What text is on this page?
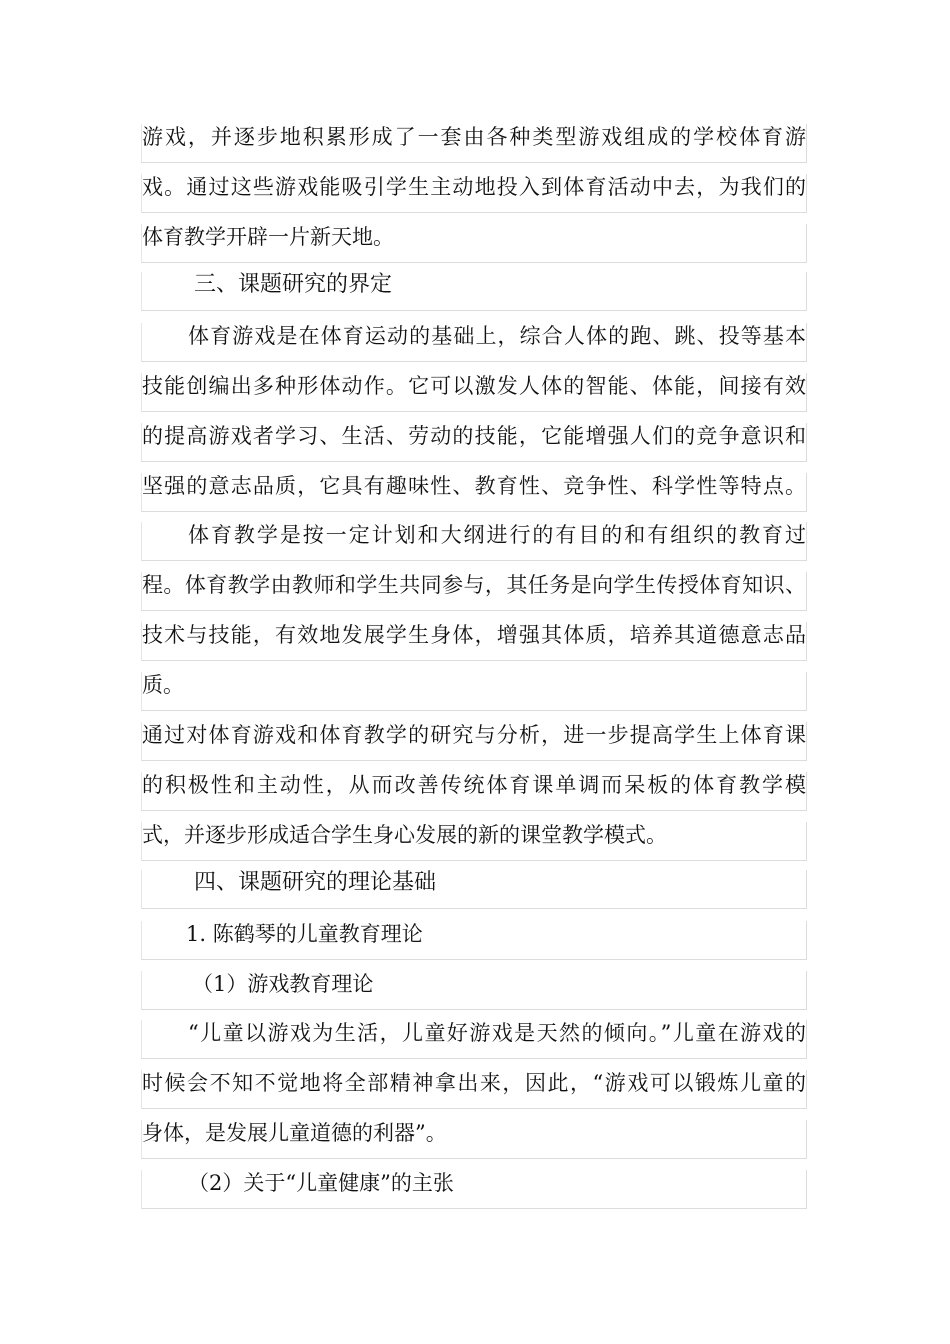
游戏，并逐步地积累形成了一套由各种类型游戏组成的学校体育游
戏。通过这些游戏能吸引学生主动地投入到体育活动中去，为我们的
体育教学开辟一片新天地。
三、课题研究的界定
体育游戏是在体育运动的基础上，综合人体的跑、跳、投等基本
技能创编出多种形体动作。它可以激发人体的智能、体能，间接有效
的提高游戏者学习、生活、劳动的技能，它能增强人们的竞争意识和
坚强的意志品质，它具有趣味性、教育性、竞争性、科学性等特点。
体育教学是按一定计划和大纲进行的有目的和有组织的教育过
程。体育教学由教师和学生共同参与，其任务是向学生传授体育知识、
技术与技能，有效地发展学生身体，增强其体质，培养其道德意志品
质。
通过对体育游戏和体育教学的研究与分析，进一步提高学生上体育课
的积极性和主动性，从而改善传统体育课单调而呆板的体育教学模
式，并逐步形成适合学生身心发展的新的课堂教学模式。
四、课题研究的理论基础
1. 陈鹤琴的儿童教育理论
（1）游戏教育理论
“儿童以游戏为生活，儿童好游戏是天然的倾向。”儿童在游戏的
时候会不知不觉地将全部精神拿出来，因此，“游戏可以锻炼儿童的
身体，是发展儿童道德的利器”。
（2）关于“儿童健康”的主张
